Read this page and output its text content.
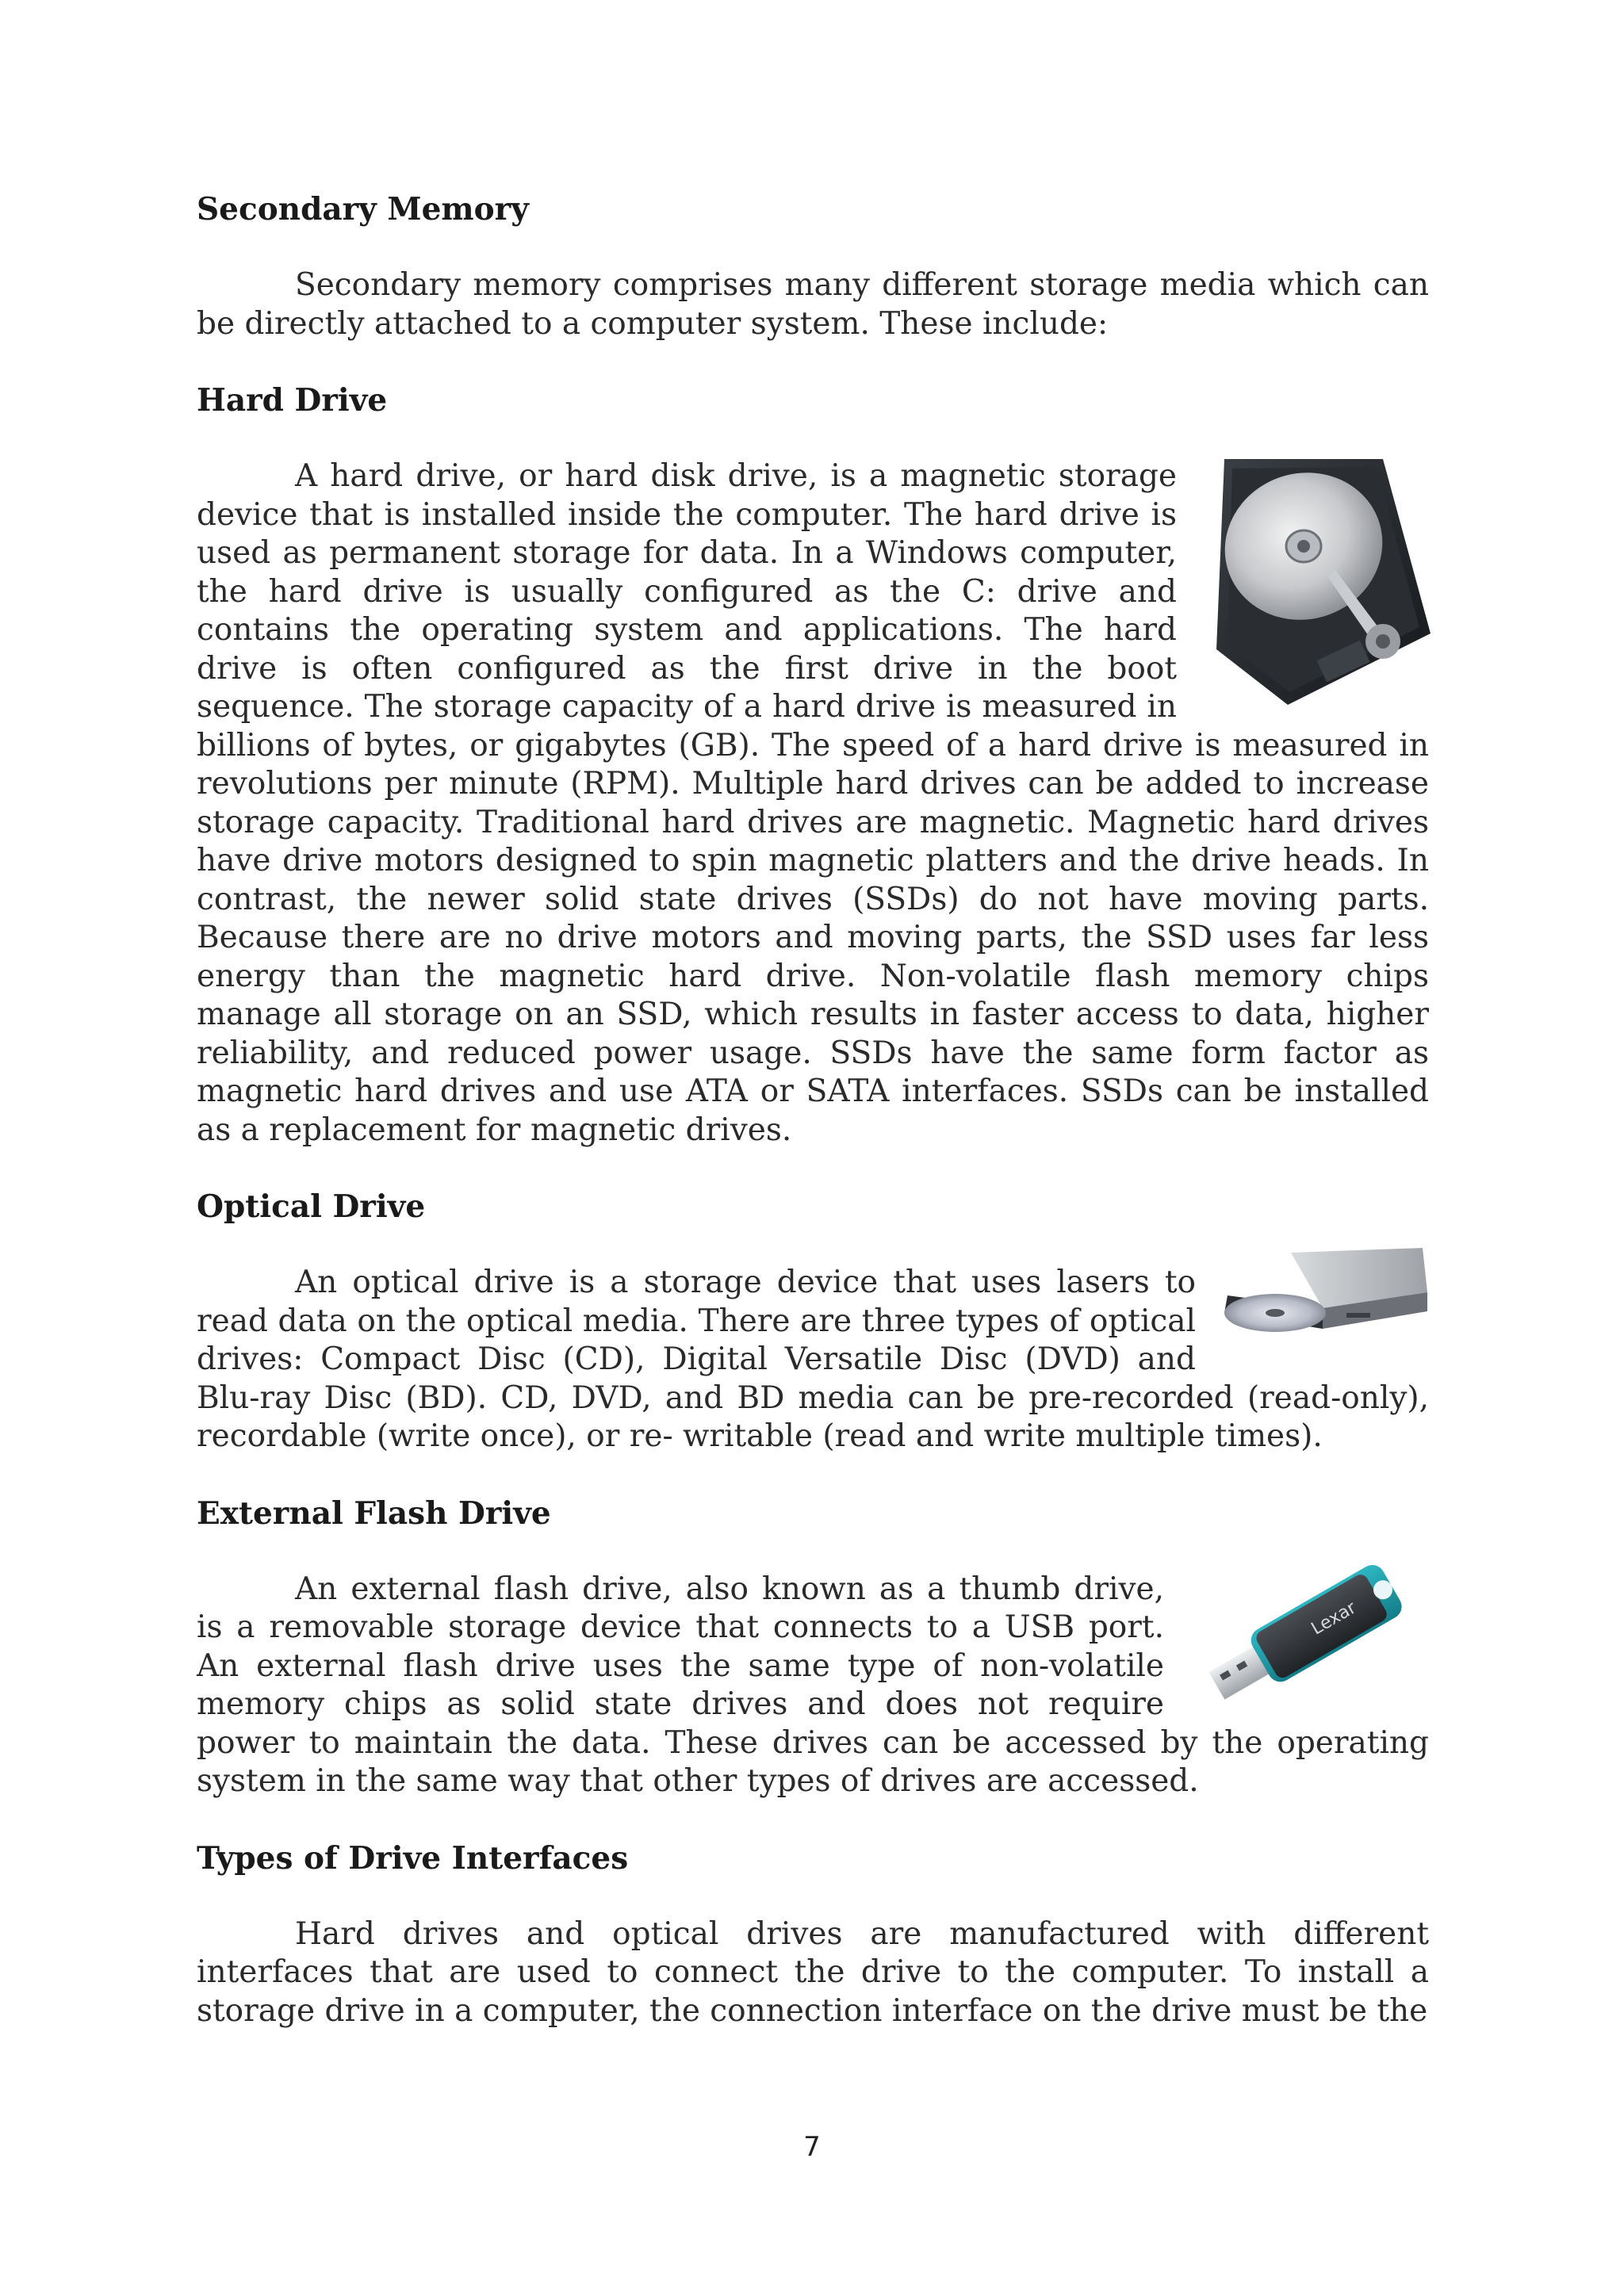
Secondary Memory

Secondary memory comprises many different storage media which can be directly attached to a computer system. These include:

Hard Drive

A hard drive, or hard disk drive, is a magnetic storage device that is installed inside the computer. The hard drive is used as permanent storage for data. In a Windows computer, the hard drive is usually configured as the C: drive and contains the operating system and applications. The hard drive is often configured as the first drive in the boot sequence. The storage capacity of a hard drive is measured in billions of bytes, or gigabytes (GB). The speed of a hard drive is measured in revolutions per minute (RPM). Multiple hard drives can be added to increase storage capacity. Traditional hard drives are magnetic. Magnetic hard drives have drive motors designed to spin magnetic platters and the drive heads. In contrast, the newer solid state drives (SSDs) do not have moving parts. Because there are no drive motors and moving parts, the SSD uses far less energy than the magnetic hard drive. Non-volatile flash memory chips manage all storage on an SSD, which results in faster access to data, higher reliability, and reduced power usage. SSDs have the same form factor as magnetic hard drives and use ATA or SATA interfaces. SSDs can be installed as a replacement for magnetic drives.

Optical Drive

An optical drive is a storage device that uses lasers to read data on the optical media. There are three types of optical drives: Compact Disc (CD), Digital Versatile Disc (DVD) and Blu-ray Disc (BD). CD, DVD, and BD media can be pre-recorded (read-only), recordable (write once), or re- writable (read and write multiple times).

External Flash Drive

Lexar
An external flash drive, also known as a thumb drive, is a removable storage device that connects to a USB port. An external flash drive uses the same type of non-volatile memory chips as solid state drives and does not require power to maintain the data. These drives can be accessed by the operating system in the same way that other types of drives are accessed.

Types of Drive Interfaces

Hard drives and optical drives are manufactured with different interfaces that are used to connect the drive to the computer. To install a storage drive in a computer, the connection interface on the drive must be the

7
